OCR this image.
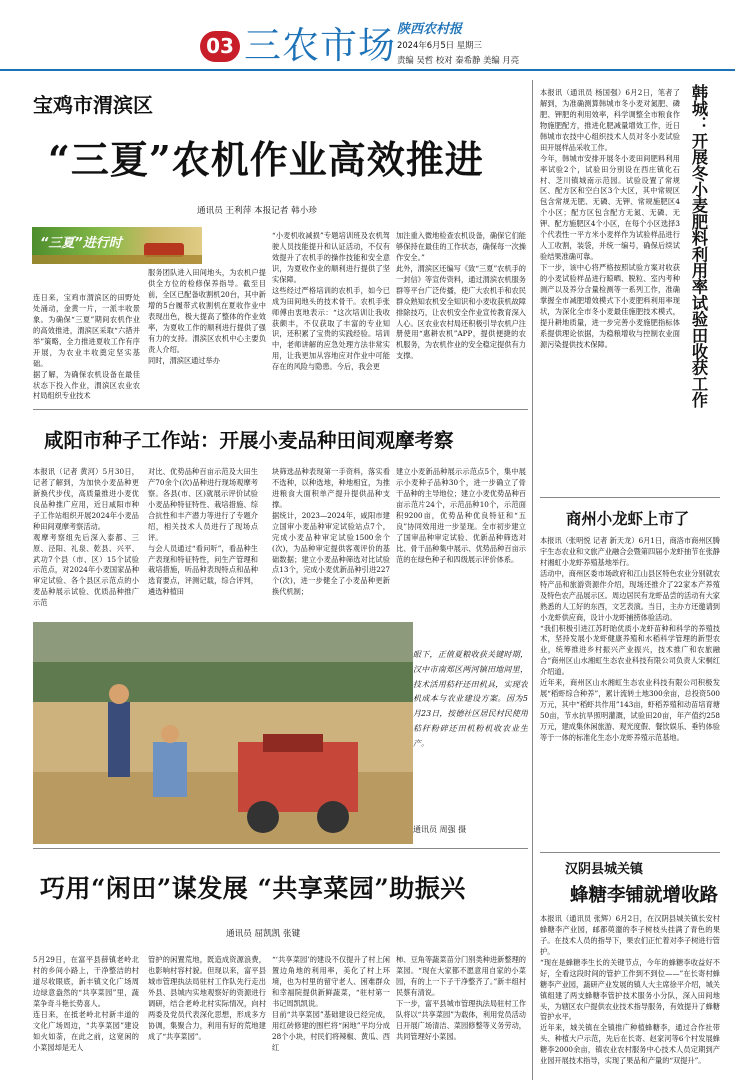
03 三农市场 陕西农村报
2024年6月5日 星期三
责编 吴哲 校对 秦希静 美编 月亮
宝鸡市渭滨区
“三夏”农机作业高效推进
通讯员 王利萍 本报记者 韩小珍
“三夏”进行时
连日来，宝鸡市渭滨区的田野处处涌动，金黄一片，一派丰收景象。为确保“三夏”期间农机作业的高效推进，渭滨区采取“六措并举”策略，全力推进夏收工作有序开展，为农业丰收奠定坚实基础。
据了解，为确保农机设备在最佳状态下投入作业，渭滨区农业农村局组织专业技术
服务团队进入田间地头，为农机户提供全方位的检修保养指导。截至目前，全区已配备收割机20台，其中新增的5台履带式收割机在夏收作业中表现出色，极大提高了整体的作业效率，为夏收工作的顺利进行提供了强有力的支持。渭滨区农机中心主要负责人介绍。
同时，渭滨区通过举办
“小麦机收减损”专题培训班及农机驾驶人员技能提升和认证活动，不仅有效提升了农机手的操作技能和安全意识，为夏收作业的顺利进行提供了坚实保障。
这些经过严格培训的农机手，如今已成为田间地头的技术骨干。农机手张师傅由衷地表示：“这次培训让我收获颇丰，不仅获取了丰富的专业知识，还积累了宝贵的实践经验。培训中，老师讲解的应急处理方法非常实用，让我更加从容地应对作业中可能存在的风险与隐患。今后，我会更
加注重入微地检查农机设备，确保它们能够保持在最佳的工作状态，确保每一次操作安全。”
此外，渭滨区还编写《致“三夏”农机手的一封信》等宣传资料，通过渭滨农机服务群等平台广泛传播，使广大农机手和农民群众熟知农机安全知识和小麦收获机故障排除技巧，让农机安全作业宣传教育深入人心。区农业农村局还积极引导农机户注册使用“惠耕农机”APP，提供便捷的农机服务，为农机作业的安全稳定提供有力支撑。
咸阳市种子工作站：开展小麦品种田间观摩考察
本报讯（记者 黄河）5月30日，记者了解到，为加快小麦品种更新换代步伐，高质量推进小麦优良品种推广应用，近日咸阳市种子工作站组织开展2024年小麦品种田间观摩考察活动。
观摩考察组先后深入泰都、三原、泾阳、礼泉、乾县、兴平、武功7个县（市、区）15个试验示范点，对2024年小麦国家品种审定试验、各个县区示范点的小麦品种展示试验、优质品种推广示范
对比、优势品种百亩示范及大田生产70余个(次)品种进行现场观摩考察。各县(市、区)就展示评价试验小麦品种特征特性、栽培措施、综合抗性和丰产潜力等进行了专题介绍，相关技术人员进行了现场点评。
与会人员通过“看问听”，看品种生产表现和特征特性，问生产管理和栽培措施，听品种表现特点和品种选育要点，评测记载，综合评判，遴选种植田
块筛选品种表现第一手资料，落实看不选种，以种选地，种地相宜，为推进粮食大面积单产提升提供品种支撑。
据统计，2023—2024年，咸阳市建立国审小麦品种审定试验站点7个，完成小麦品种审定试验1500余个(次)，为品种审定提供客观评价的基础数据；建立小麦品种筛选对比试验点13个，完成小麦优新品种引进227个(次)，进一步健全了小麦品种更新换代机制；
建立小麦新品种展示示范点5个，集中展示小麦种子品种30个，进一步确立了骨干品种的主导地位；建立小麦优势品种百亩示范片24个，示范品种10个，示范面积9200亩，优势品种优良特征和“五良”协同效用进一步显现。全市初步建立了国审品种审定试验、优新品种筛选对比、骨干品种集中展示、优势品种百亩示范的在绿色种子和四级展示评价体系。
眼下，正值夏粮收获关键时期，汉中市南郑区两河镇田地间里，技术活用秸秆还田机具，实现农机成本与农业建设方案。因为5月23日，按德社区居民村民使用秸秆粉碎还田机粉机收农业生产。
通讯员 周强 摄
巧用“闲田”谋发展 “共享菜园”助振兴
通讯员 屈凯凯 张键
5月29日，在富平县薛镇老岭北村的乡间小路上，干净整洁的村道尽收眼底，新丰镇文化广场周边绿意盎然的“共享菜园”里，蔬菜争奇斗艳长势喜人。
连日来，在抵老岭北村新丰道的文化广场周边，“共享菜园”建设如火如荼，在此之前，这宽闲的小菜园却是无人
管护的闲置荒地，既造成资源浪费，也影响村容村貌。但现以来，富平县城市管理执法局驻村工作队先行走出外县、县城内实地观察好的资源进行调研，结合老岭北村实际情况，向村两委及党员代表深化思想，形成多方协调，集聚合力，利用有好的荒地建成了“共享菜园”。
“‘共享菜园’的建设不仅提升了村上闲置边角地的利用率，美化了村上环境，也为村里的留守老人、困难群众和幸福院提供新鲜蔬菜，“驻村第一书记周凯凯说。
目前“共享菜园”基础建设已经完成，用红砖修建的围栏将“闲地”平均分成28个小块，村民们将辣椒、黄瓜、西红
柿、豆角等蔬菜苗分门别类种进新整理的菜园。“现在大家都不愿意用自家的小菜园，有的上一下子干净整齐了。”新丰组村民蔡有清说。
下一步，富平县城市管理执法局驻村工作队将以“共享菜园”为载体，利用党员活动日开展广场清洁、菜园修整等义务劳动，共同管理好小菜园。
本报讯（通讯员 杨国强）6月2日，笔者了解到，为准确测算韩城市冬小麦对氮肥、磷肥、钾肥的利用效率，科学调整全市粮食作物施肥配方，推进化肥减量增效工作，近日韩城市农技中心组织技术人员对冬小麦试验田开展样品采收工作。
今年，韩城市安排开展冬小麦田间肥料利用率试验2个，试验田分别设在西庄镇化石村、芝川镇城南示范园。试验设置了常规区、配方区和空白区3个大区，其中常规区包含常规无肥、无磷、无钾、常规施肥区4个小区；配方区包含配方无氮、无磷、无钾、配方施肥区4个小区，在每个小区选择3个代表性一平方米小麦样作为试验样品进行人工收割，装袋，并统一编号，确保后续试验结果准确可靠。
下一步，该中心将严格按照试验方案对收获的小麦试验样品进行晾晒、脱粒、室内考种测产以及养分含量检测等一系列工作，准确掌握全市减肥增效模式下小麦肥料利用率现状，为深化全市冬小麦最佳施肥技术模式，提升耕地质量，进一步完善小麦施肥指标体系提供理论依据，为稳粮增收与控制农业面源污染提供技术保障。	韩城：开展冬小麦肥料利用率试验田收获工作
商州小龙虾上市了
本报讯（张明悦 记者 新天龙）6月1日，商洛市商州区腾宇生态农业和文旅产业融合会暨第四届小龙虾抽节在张静村湘虹小龙虾养殖基地举行。
活动中，商州区委市场政府和江山县区特色农业分别就农特产品和旅游资源作介绍，现场还推介了22家本产养殖及特色农产品展示区。周边居民有龙虾品尝的活动有大家熟悉的人工好的东西，文艺表演。当日，主办方还邀请到小龙虾供应商，设计小龙虾捕捞体验活动。
“我们积极引进江苏盱眙优质小龙虾苗种和科学的养殖技术，坚持发展小龙虾健康养殖和水稻科学管理的新型农业，统筹推进乡村振兴产业振兴，技术推广和农旅融合“商州区山水湘虹生态农业科技有限公司负责人宋桐红介绍道。
近年来，商州区山水湘虹生态农业科技有限公司积极发展“稻虾综合种养”，累计流转土地300余亩，总投资500万元，其中“稻虾共作用”143亩，虾稻养殖和动苗培育塘50亩，节水抗旱照明灌溉，试验田20亩，年产值约258万元，建成集休闲旅游、观光度假、餐饮娱乐、垂钓体验等于一体的标准化生态小龙虾养殖示范基地。
汉阴县城关镇
蜂糖李铺就增收路
本报讯（通讯员 张辉）6月2日，在汉阴县城关镇长安村蜂糖李产业园，邮都萸瀣的李子树枝头挂满了青色的果子。在技术人员的指导下，果农们正忙着对李子树进行管护。
“现在是蜂糖李生长的关键节点，今年的蜂糖李收益好不好，全看这段时间的管护工作到不到位——”在长寄村蜂糖李产业园，蔬研产业发展的镇人大主席徐平介绍，城关镇组建了两支蜂糖李管护技术服务小分队，深入田间地头，为辖区农户提供农业技术指导服务，有效提升了蜂糖管护水平。
近年来，城关镇在全镇推广种植蜂糖李，通过合作社带头、种植大户示范，先后在长寄、赵家河等6个村发展蜂糖李2000余亩，镇农业农村服务中心技术人员定期到产业园开展技术指导，实现了果品和产量的“双提升”。
